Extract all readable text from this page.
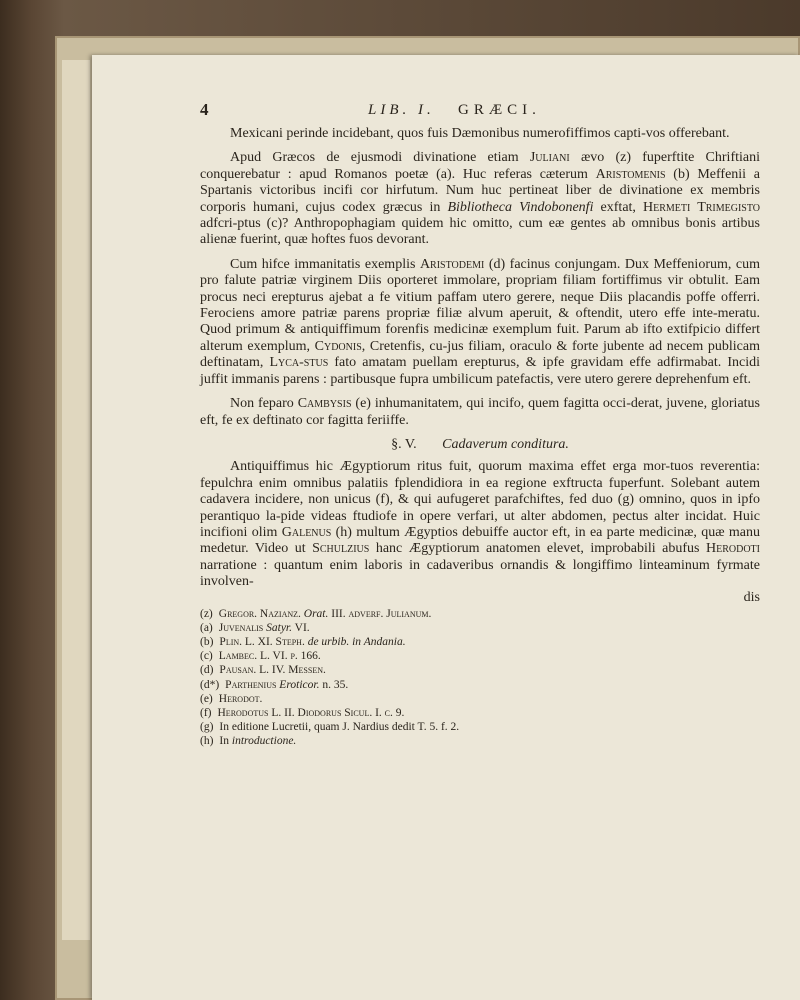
4	LIB. I. GRÆCI.

Mexicani perinde incidebant, quos fuis Dæmonibus numerofiffimos capti-vos offerebant.

Apud Græcos de ejusmodi divinatione etiam Juliani ævo (z) fuperftite Chriftiani conquerebatur : apud Romanos poetæ (a). Huc referas cæterum Aristomenis (b) Meffenii a Spartanis victoribus incifi cor hirfutum. Num huc pertineat liber de divinatione ex membris corporis humani, cujus codex græcus in Bibliotheca Vindobonenfi exftat, Hermeti Trimegisto adfcri-ptus (c)? Anthropophagiam quidem hic omitto, cum eæ gentes ab omnibus bonis artibus alienæ fuerint, quæ hoftes fuos devorant.

Cum hifce immanitatis exemplis Aristodemi (d) facinus conjungam. Dux Meffeniorum, cum pro falute patriæ virginem Diis oporteret immolare, propriam filiam fortiffimus vir obtulit. Eam procus neci erepturus ajebat a fe vitium paffam utero gerere, neque Diis placandis poffe offerri. Ferociens amore patriæ parens propriæ filiæ alvum aperuit, & oftendit, utero effe inte-meratu. Quod primum & antiquiffimum forenfis medicinæ exemplum fuit. Parum ab ifto extifpicio differt alterum exemplum, Cydonis, Cretenfis, cu-jus filiam, oraculo & forte jubente ad necem publicam deftinatam, Lyca-stus fato amatam puellam erepturus, & ipfe gravidam effe adfirmabat. Incidi juffit immanis parens : partibusque fupra umbilicum patefactis, vere utero gerere deprehenfum eft.

Non feparo Cambysis (e) inhumanitatem, qui incifo, quem fagitta occi-derat, juvene, gloriatus eft, fe ex deftinato cor fagitta feriiffe.

§. V. Cadaverum conditura.

Antiquiffimus hic Ægyptiorum ritus fuit, quorum maxima effet erga mor-tuos reverentia: fepulchra enim omnibus palatiis fplendidiora in ea regione exftructa fuperfunt. Solebant autem cadavera incidere, non unicus (f), & qui aufugeret parafchiftes, fed duo (g) omnino, quos in ipfo perantiquo la-pide videas ftudiofe in opere verfari, ut alter abdomen, pectus alter incidat. Huic incifioni olim Galenus (h) multum Ægyptios debuiffe auctor eft, in ea parte medicinæ, quæ manu medetur. Video ut Schulzius hanc Ægyptiorum anatomen elevet, improbabili abufus Herodoti narratione : quantum enim laboris in cadaveribus ornandis & longiffimo linteaminum fyrmate involven-

dis
(z) Gregor. Nazianz. Orat. III. adverf. Julianum.
(a) Juvenalis Satyr. VI.
(b) Plin. L. XI. Steph. de urbib. in Andania.
(c) Lambec. L. VI. p. 166.
(d) Pausan. L. IV. Messen.
(d*) Parthenius Eroticor. n. 35.
(e) Herodot.
(f) Herodotus L. II. Diodorus Sicul. I. c. 9.
(g) In editione Lucretii, quam J. Nardius dedit T. 5. f. 2.
(h) In introductione.
